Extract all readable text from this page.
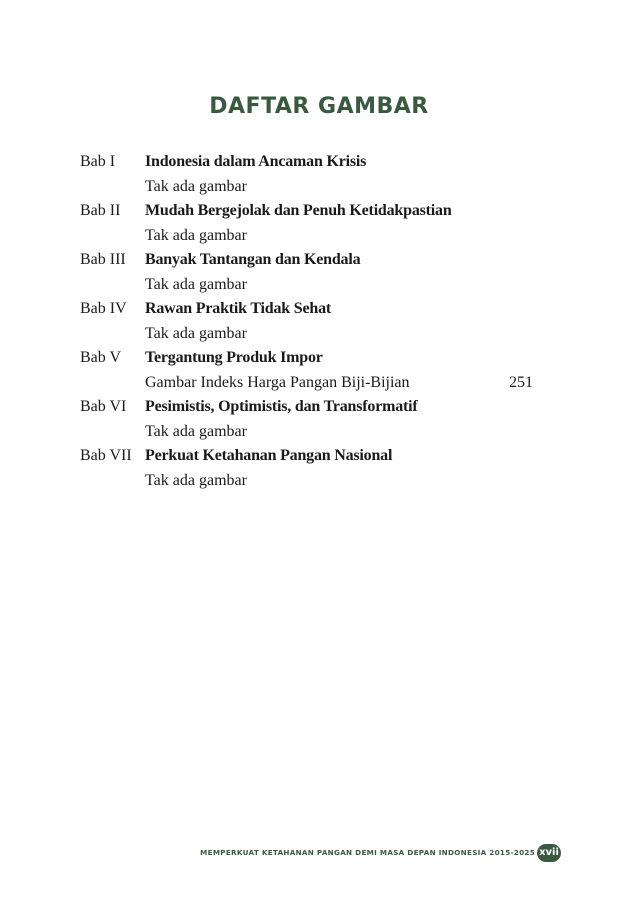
DAFTAR GAMBAR
Bab I Indonesia dalam Ancaman Krisis
Tak ada gambar
Bab II Mudah Bergejolak dan Penuh Ketidakpastian
Tak ada gambar
Bab III Banyak Tantangan dan Kendala
Tak ada gambar
Bab IV Rawan Praktik Tidak Sehat
Tak ada gambar
Bab V Tergantung Produk Impor
Gambar Indeks Harga Pangan Biji-Bijian	251
Bab VI Pesimistis, Optimistis, dan Transformatif
Tak ada gambar
Bab VII Perkuat Ketahanan Pangan Nasional
Tak ada gambar
MEMPERKUAT KETAHANAN PANGAN DEMI MASA DEPAN INDONESIA 2015-2025 xvii
